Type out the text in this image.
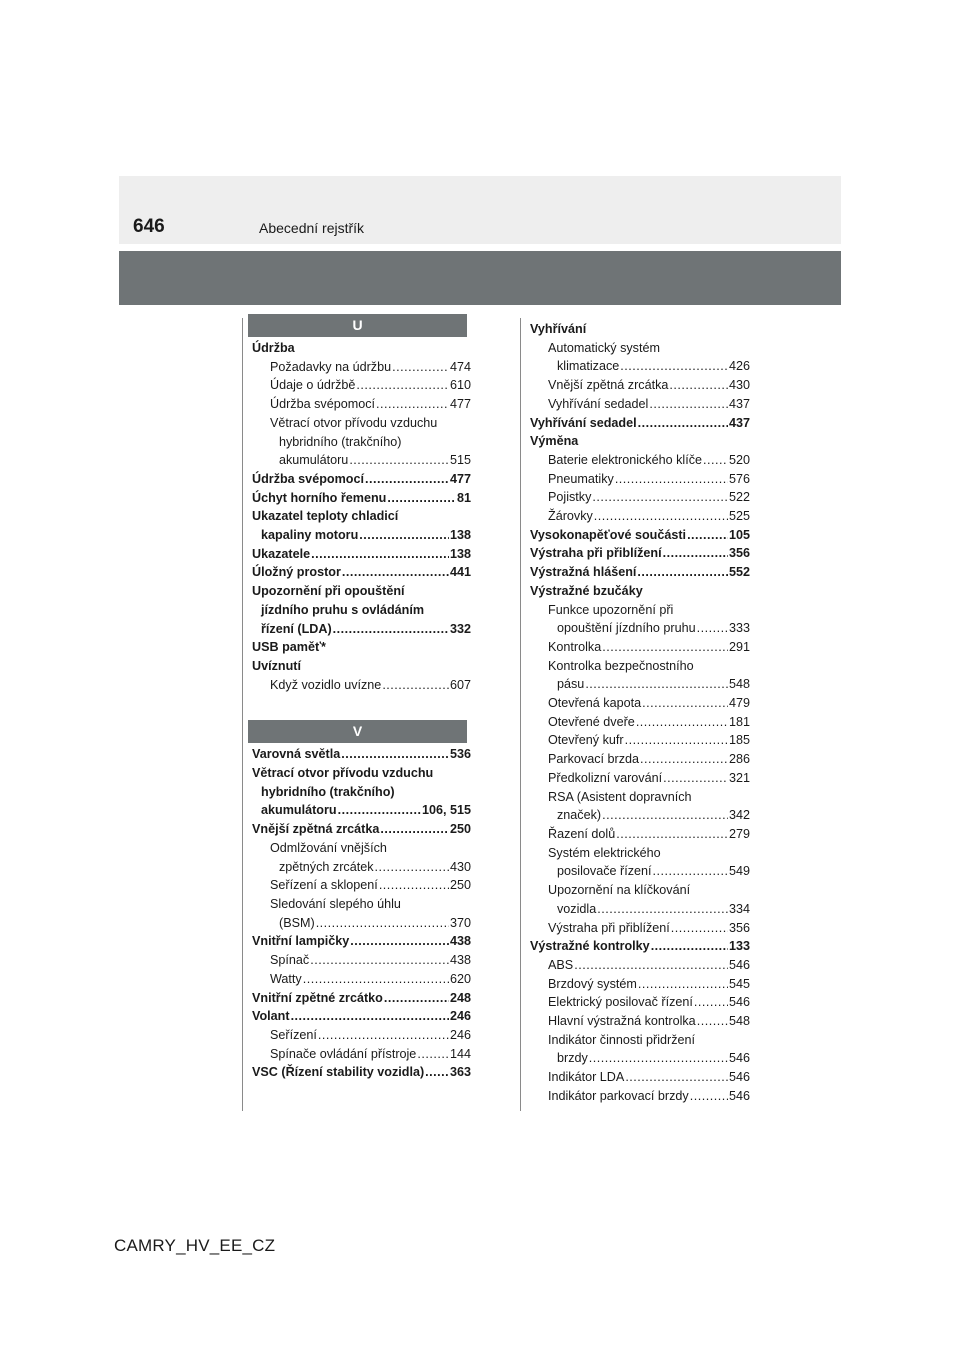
646	Abecední rejstřík
U
Údržba
Požadavky na údržbu .....	474
Údaje o údržbě .....	610
Údržba svépomocí .....	477
Větrací otvor přívodu vzduchu
hybridního (trakčního)
akumulátoru .....	515
Údržba svépomocí .....	477
Úchyt horního řemenu .....	81
Ukazatel teploty chladicí
kapaliny motoru .....	138
Ukazatele .....	138
Úložný prostor .....	441
Upozornění při opouštění
jízdního pruhu s ovládáním
řízení (LDA) .....	332
USB paměť*
Uvíznutí
Když vozidlo uvízne .....	607
V
Varovná světla .....	536
Větrací otvor přívodu vzduchu
hybridního (trakčního)
akumulátoru .....	106, 515
Vnější zpětná zrcátka .....	250
Odmlžování vnějších
zpětných zrcátek .....	430
Seřízení a sklopení .....	250
Sledování slepého úhlu
(BSM) .....	370
Vnitřní lampičky .....	438
Spínač .....	438
Watty .....	620
Vnitřní zpětné zrcátko .....	248
Volant .....	246
Seřízení .....	246
Spínače ovládání přístroje .....	144
VSC (Řízení stability vozidla) ..... 363
Vyhřívání
Automatický systém
klimatizace .....	426
Vnější zpětná zrcátka .....	430
Vyhřívání sedadel .....	437
Vyhřívání sedadel .....	437
Výměna
Baterie elektronického klíče ..... 520
Pneumatiky .....	576
Pojistky .....	522
Žárovky .....	525
Vysokonapěťové součásti .....	105
Výstraha při přiblížení .....	356
Výstražná hlášení .....	552
Výstražné bzučáky
Funkce upozornění při
opouštění jízdního pruhu .....	333
Kontrolka .....	291
Kontrolka bezpečnostního
pásu .....	548
Otevřená kapota .....	479
Otevřené dveře .....	181
Otevřený kufr .....	185
Parkovací brzda .....	286
Předkolizní varování .....	321
RSA (Asistent dopravních
značek) .....	342
Řazení dolů .....	279
Systém elektrického
posilovače řízení .....	549
Upozornění na klíčkování
vozidla .....	334
Výstraha při přiblížení .....	356
Výstražné kontrolky .....	133
ABS .....	546
Brzdový systém .....	545
Elektrický posilovač řízení .....	546
Hlavní výstražná kontrolka .....	548
Indikátor činnosti přidržení
brzdy .....	546
Indikátor LDA .....	546
Indikátor parkovací brzdy .....	546
CAMRY_HV_EE_CZ
